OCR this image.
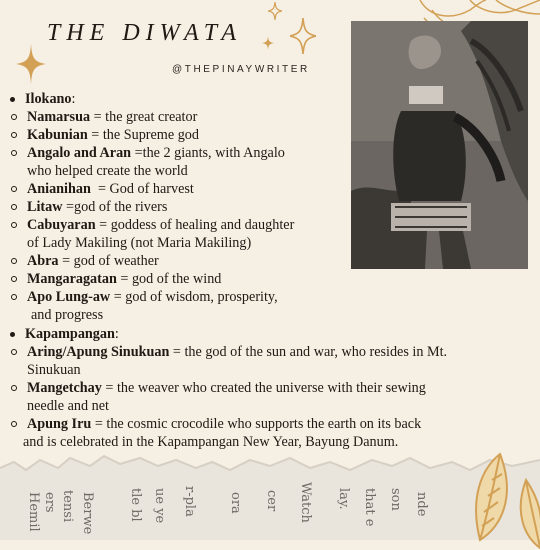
THE DIWATA
@THEPINAYWRITER
Ilokano:
Namarsua = the great creator
Kabunian = the Supreme god
Angalo and Aran =the 2 giants, with Angalo
who helped create the world
Anianihan  = God of harvest
Litaw =god of the rivers
Cabuyaran = goddess of healing and daughter
of Lady Makiling (not Maria Makiling)
Abra = god of weather
Mangaragatan = god of the wind
Apo Lung-aw = god of wisdom, prosperity,
and progress
Kapampangan:
Aring/Apung Sinukuan = the god of the sun and war, who resides in Mt.
Sinukuan
Mangetchay = the weaver who created the universe with their sewing
needle and net
Apung Iru = the cosmic crocodile who supports the earth on its back
and is celebrated in the Kapampangan New Year, Bayung Danum.
Hemil tensi Berwe	tle bl ue ye r-pla ora cer Watch lay. that e son nde
ers
